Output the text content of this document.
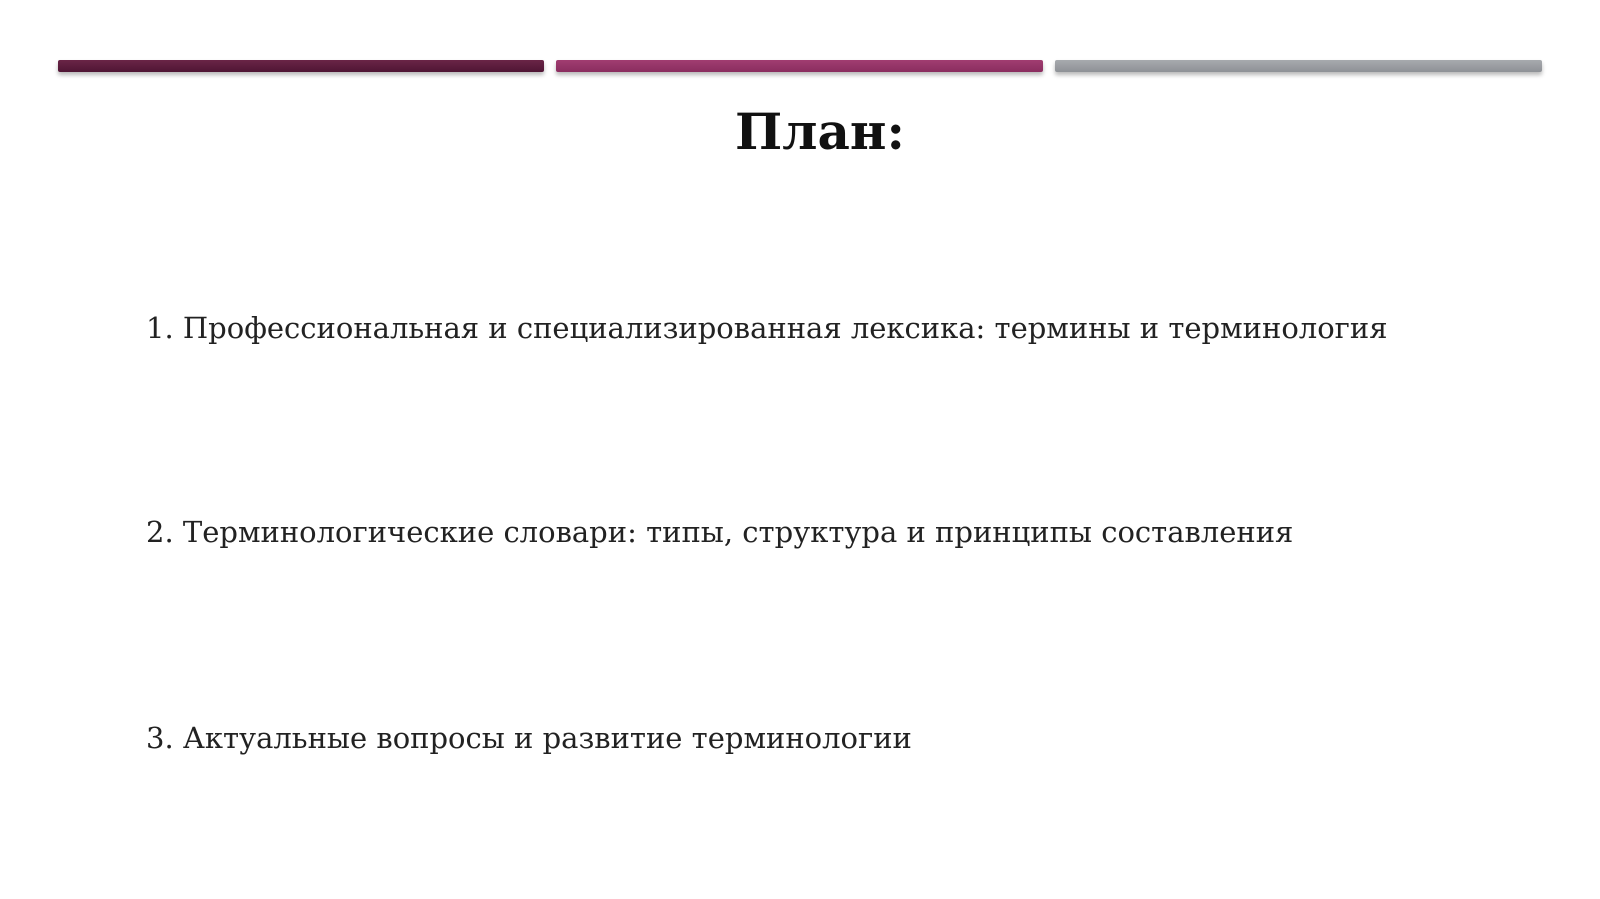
План:
1. Профессиональная и специализированная лексика: термины и терминология
2. Терминологические словари: типы, структура и принципы составления
3. Актуальные вопросы и развитие терминологии
